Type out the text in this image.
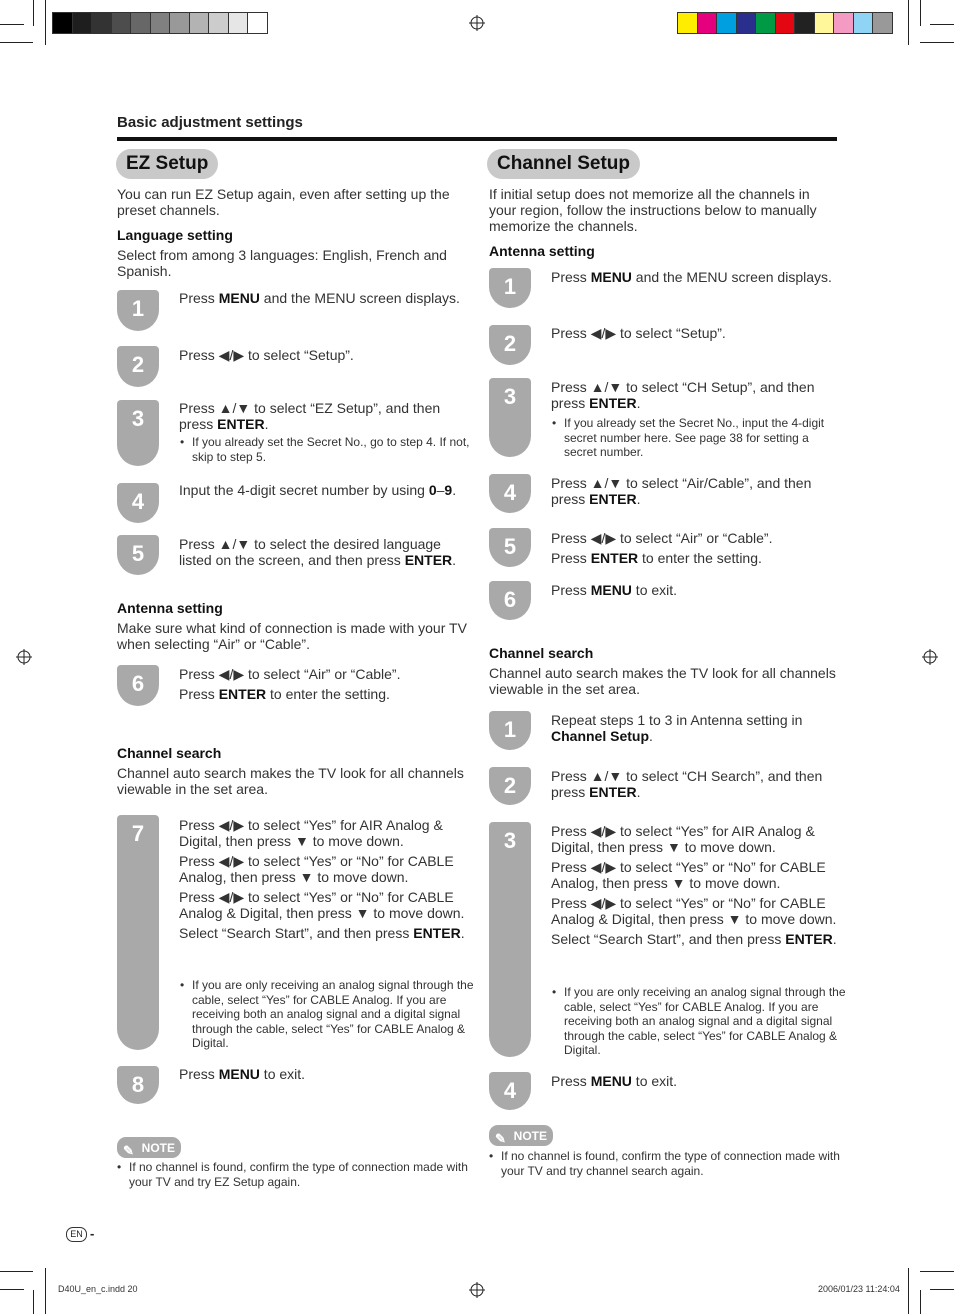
Basic adjustment settings
EZ Setup
You can run EZ Setup again, even after setting up the preset channels.
Language setting
Select from among 3 languages: English, French and Spanish.
1	Press MENU and the MENU screen displays.
2	Press ◀/▶ to select “Setup”.
3	Press ▲/▼ to select “EZ Setup”, and then press ENTER.
• If you already set the Secret No., go to step 4. If not, skip to step 5.
4	Input the 4-digit secret number by using 0–9.
5	Press ▲/▼ to select the desired language listed on the screen, and then press ENTER.
Antenna setting
Make sure what kind of connection is made with your TV when selecting “Air” or “Cable”.
6	Press ◀/▶ to select “Air” or “Cable”.
Press ENTER to enter the setting.
Channel search
Channel auto search makes the TV look for all channels viewable in the set area.
7	Press ◀/▶ to select “Yes” for AIR Analog & Digital, then press ▼ to move down.
Press ◀/▶ to select “Yes” or “No” for CABLE Analog, then press ▼ to move down.
Press ◀/▶ to select “Yes” or “No” for CABLE Analog & Digital, then press ▼ to move down.
Select “Search Start”, and then press ENTER.
• If you are only receiving an analog signal through the cable, select “Yes” for CABLE Analog. If you are receiving both an analog signal and a digital signal through the cable, select “Yes” for CABLE Analog & Digital.
8	Press MENU to exit.
✎ NOTE
• If no channel is found, confirm the type of connection made with your TV and try EZ Setup again.
Channel Setup
If initial setup does not memorize all the channels in your region, follow the instructions below to manually memorize the channels.
Antenna setting
1	Press MENU and the MENU screen displays.
2	Press ◀/▶ to select “Setup”.
3	Press ▲/▼ to select “CH Setup”, and then press ENTER.
• If you already set the Secret No., input the 4-digit secret number here. See page 38 for setting a secret number.
4	Press ▲/▼ to select “Air/Cable”, and then press ENTER.
5	Press ◀/▶ to select “Air” or “Cable”.
Press ENTER to enter the setting.
6	Press MENU to exit.
Channel search
Channel auto search makes the TV look for all channels viewable in the set area.
1	Repeat steps 1 to 3 in Antenna setting in Channel Setup.
2	Press ▲/▼ to select “CH Search”, and then press ENTER.
3	Press ◀/▶ to select “Yes” for AIR Analog & Digital, then press ▼ to move down.
Press ◀/▶ to select “Yes” or “No” for CABLE Analog, then press ▼ to move down.
Press ◀/▶ to select “Yes” or “No” for CABLE Analog & Digital, then press ▼ to move down.
Select “Search Start”, and then press ENTER.
• If you are only receiving an analog signal through the cable, select “Yes” for CABLE Analog. If you are receiving both an analog signal and a digital signal through the cable, select “Yes” for CABLE Analog & Digital.
4	Press MENU to exit.
✎ NOTE
• If no channel is found, confirm the type of connection made with your TV and try channel search again.
EN -
D40U_en_c.indd 20	2006/01/23 11:24:04
